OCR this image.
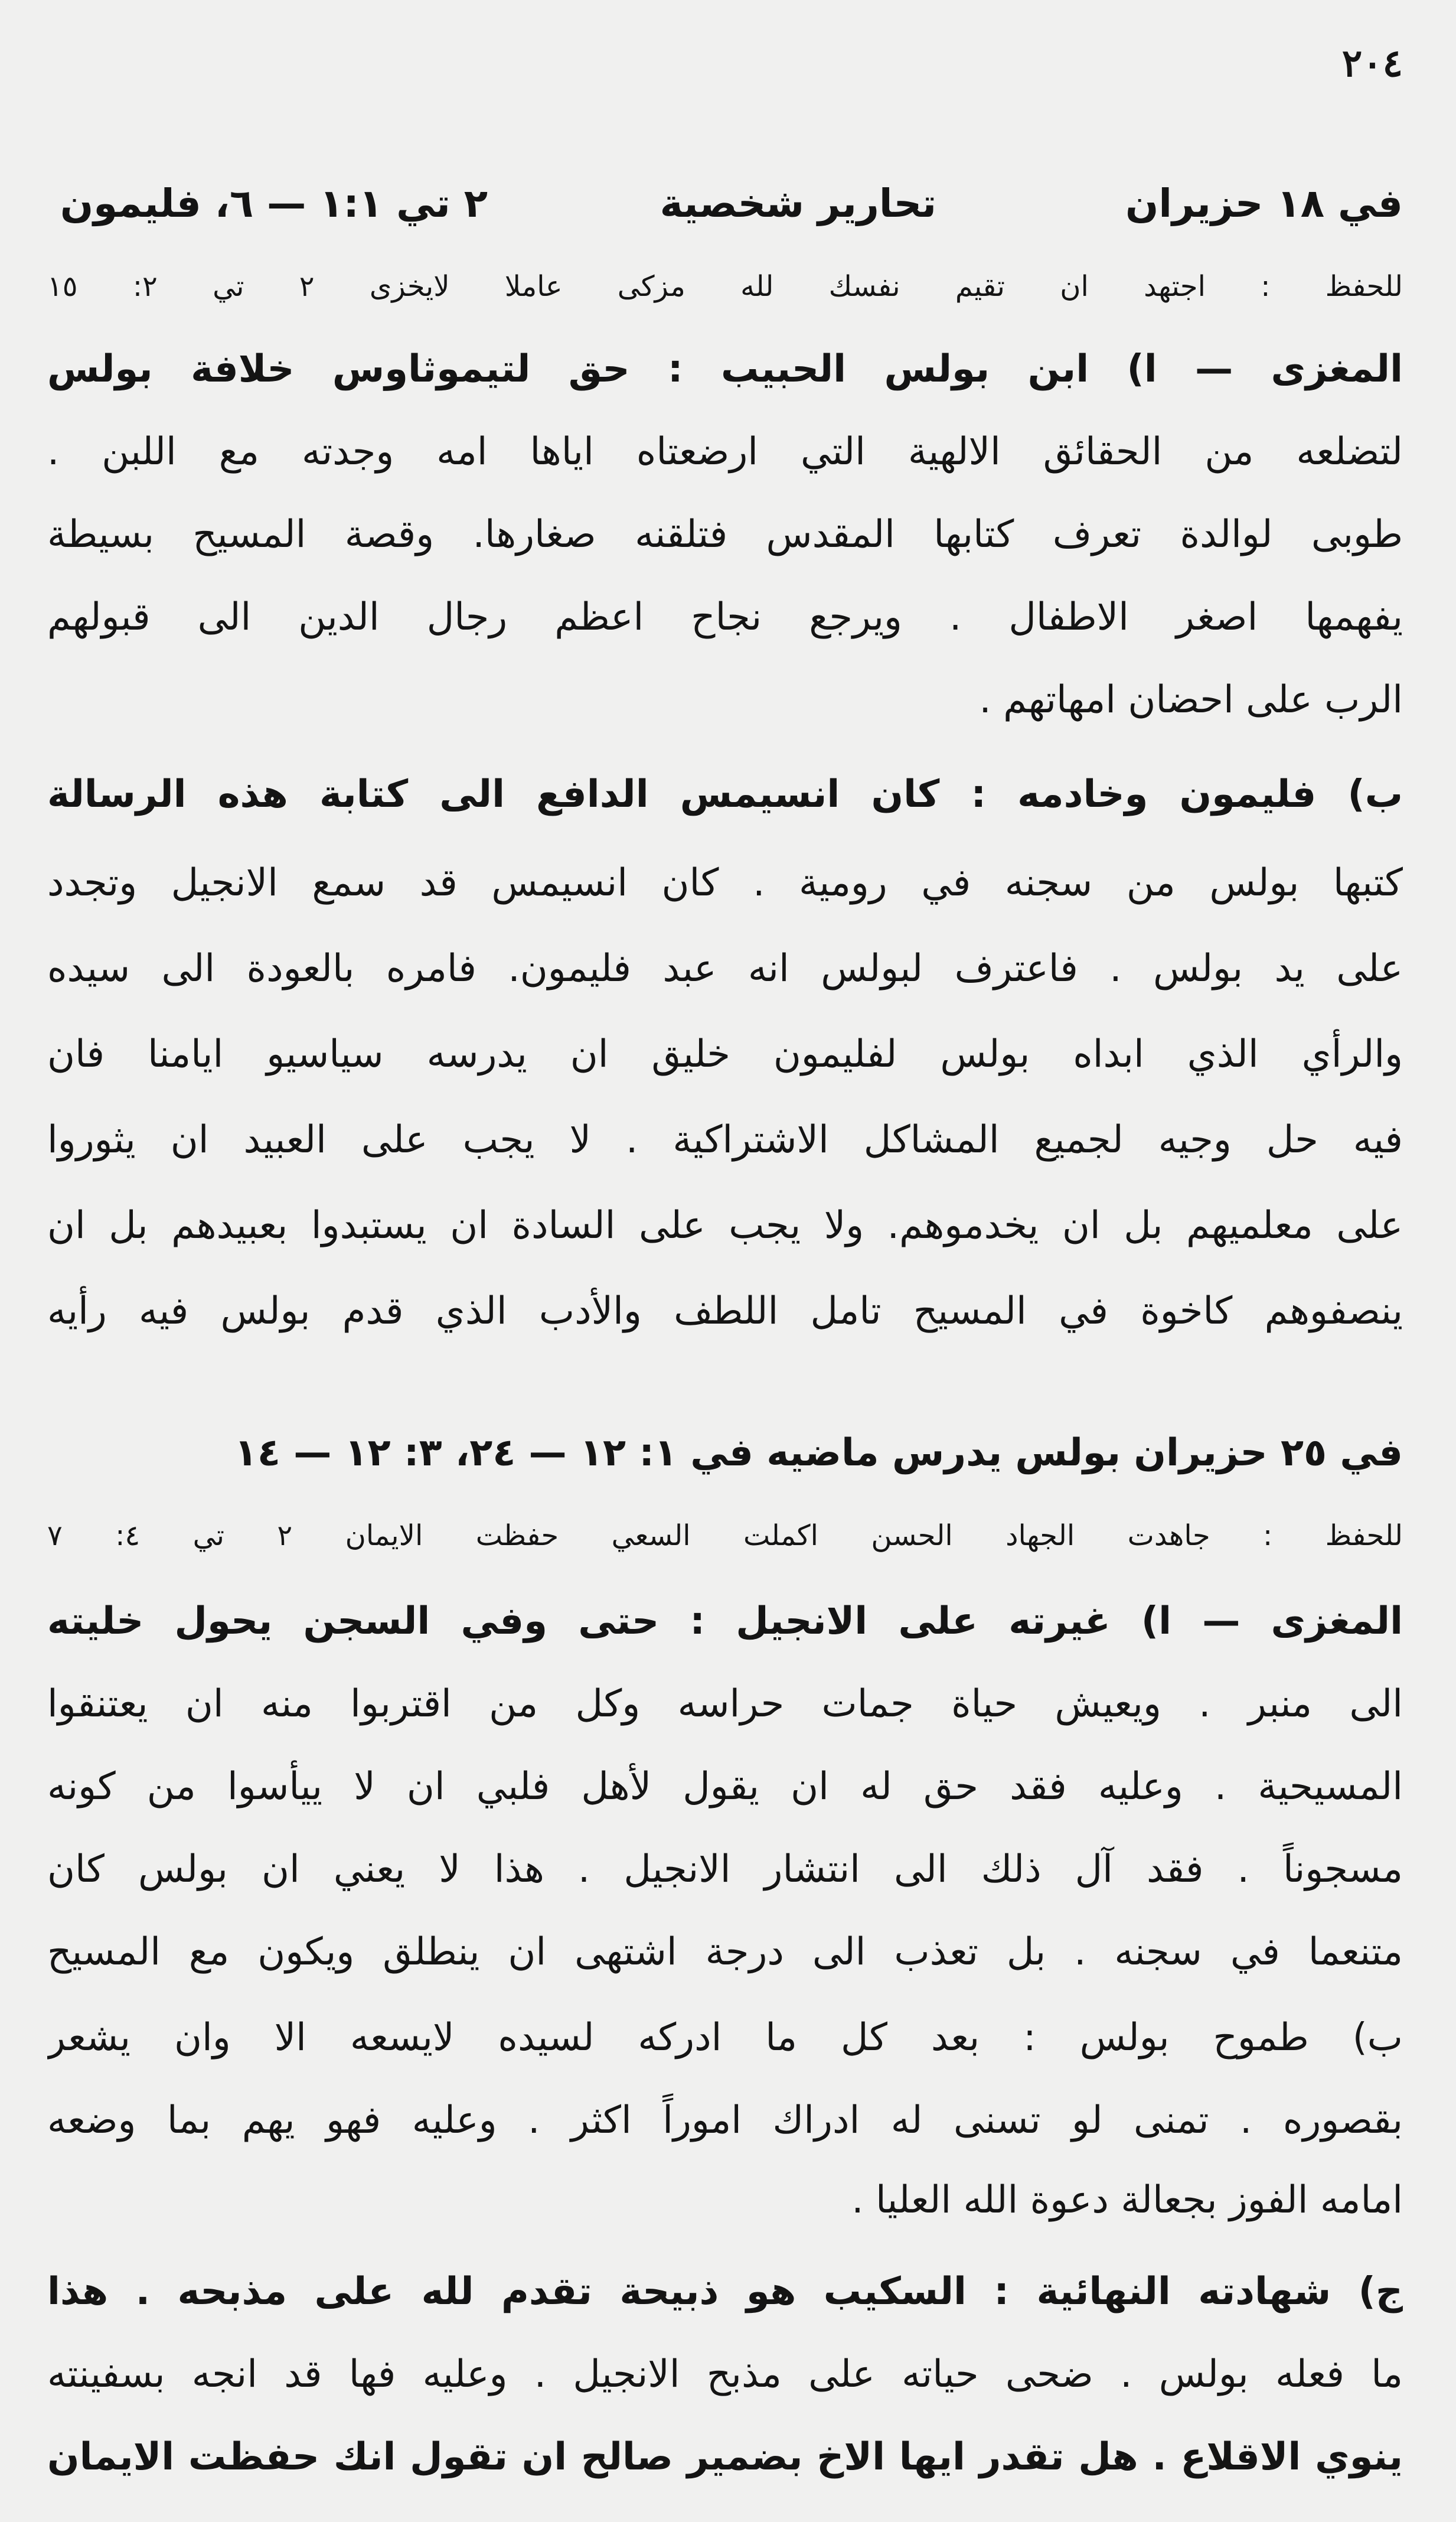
٢٠٤
في ١٨ حزيران
تحارير شخصية
٢ تي ١:١ — ٦، فليمون
للحفظ : اجتهد ان تقيم نفسك لله مزكى عاملا لايخزى ٢ تي ٢: ١٥
المغزى — ا) ابن بولس الحبيب : حق لتيموثاوس خلافة بولس
لتضلعه من الحقائق الالهية التي ارضعتاه اياها امه وجدته مع اللبن .
طوبى لوالدة تعرف كتابها المقدس فتلقنه صغارها. وقصة المسيح بسيطة
يفهمها اصغر الاطفال . ويرجع نجاح اعظم رجال الدين الى قبولهم
الرب على احضان امهاتهم .
ب) فليمون وخادمه : كان انسيمس الدافع الى كتابة هذه الرسالة
كتبها بولس من سجنه في رومية . كان انسيمس قد سمع الانجيل وتجدد
على يد بولس . فاعترف لبولس انه عبد فليمون. فامره بالعودة الى سيده
والرأي الذي ابداه بولس لفليمون خليق ان يدرسه سياسيو ايامنا فان
فيه حل وجيه لجميع المشاكل الاشتراكية . لا يجب على العبيد ان يثوروا
على معلميهم بل ان يخدموهم. ولا يجب على السادة ان يستبدوا بعبيدهم بل ان
ينصفوهم كاخوة في المسيح تامل اللطف والأدب الذي قدم بولس فيه رأيه
في ٢٥ حزيران بولس يدرس ماضيه في ١: ١٢ — ٢٤، ٣: ١٢ — ١٤
للحفظ : جاهدت الجهاد الحسن اكملت السعي حفظت الايمان ٢ تي ٤: ٧
المغزى — ا) غيرته على الانجيل : حتى وفي السجن يحول خليته
الى منبر . ويعيش حياة جمات حراسه وكل من اقتربوا منه ان يعتنقوا
المسيحية . وعليه فقد حق له ان يقول لأهل فلبي ان لا ييأسوا من كونه
مسجوناً . فقد آل ذلك الى انتشار الانجيل . هذا لا يعني ان بولس كان
متنعما في سجنه . بل تعذب الى درجة اشتهى ان ينطلق ويكون مع المسيح
ب) طموح بولس : بعد كل ما ادركه لسيده لايسعه الا وان يشعر
بقصوره . تمنى لو تسنى له ادراك اموراً اكثر . وعليه فهو يهم بما وضعه
امامه الفوز بجعالة دعوة الله العليا .
ج) شهادته النهائية : السكيب هو ذبيحة تقدم لله على مذبحه . هذا
ما فعله بولس . ضحى حياته على مذبح الانجيل . وعليه فها قد انجه بسفينته
ينوي الاقلاع . هل تقدر ايها الاخ بضمير صالح ان تقول انك حفظت الايمان
